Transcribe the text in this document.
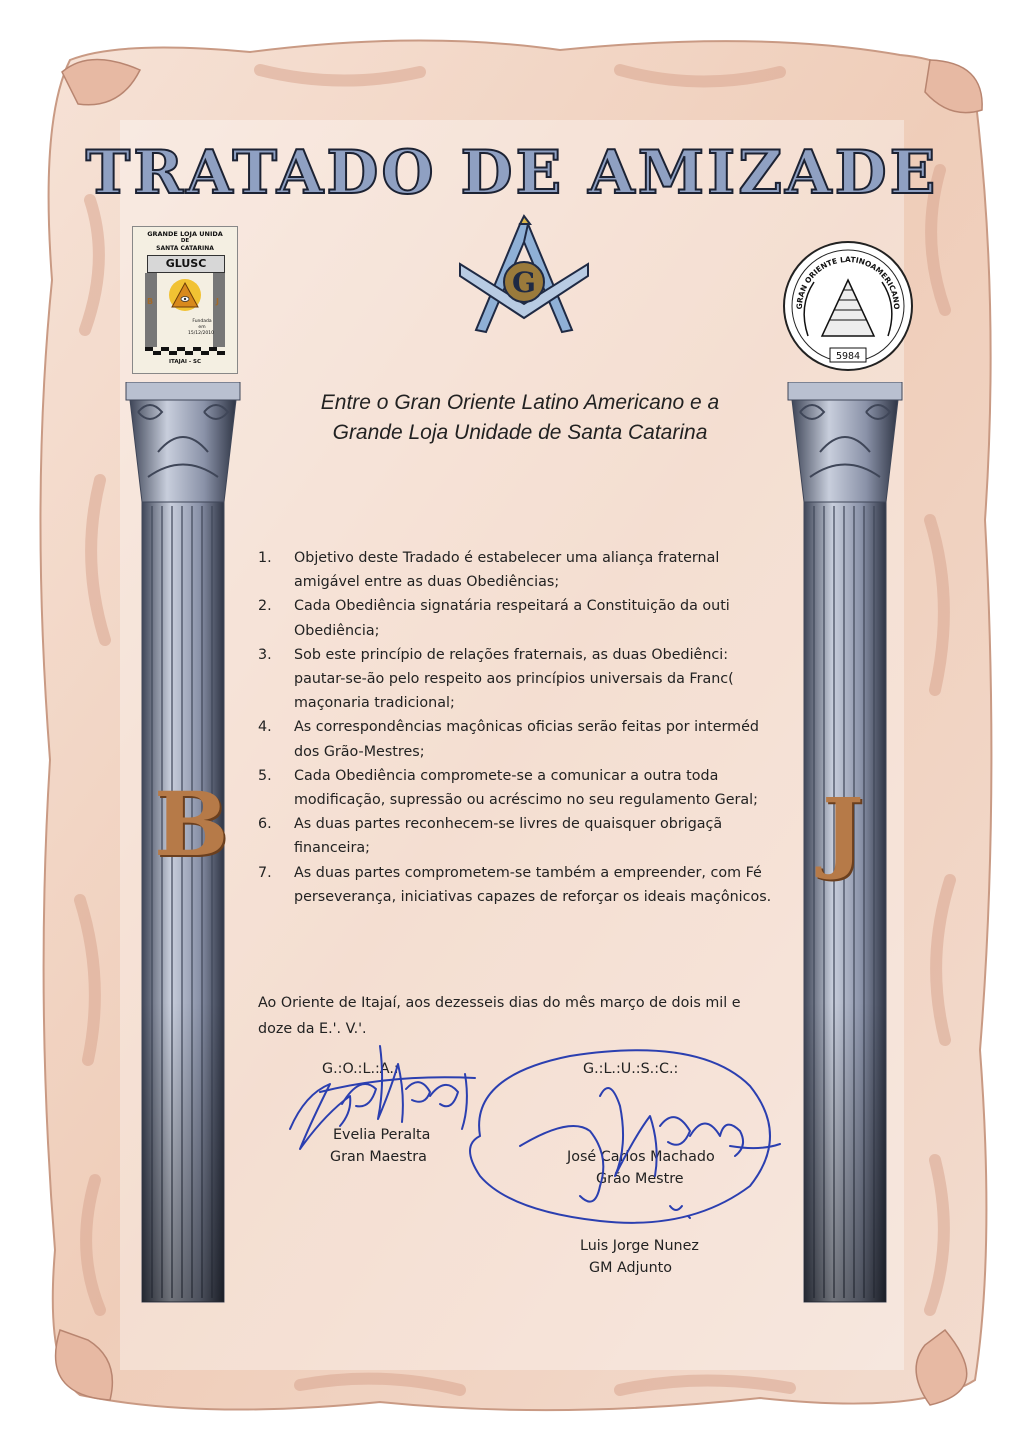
TRATADO DE AMIZADE
GRANDE LOJA UNIDA
DE
SANTA CATARINA
GLUSC
B	J
Fundada
em
15/12/2010
ITAJAI - SC
G
GRAN ORIENTE LATINOAMERICANO
5984
B	J
Entre o Gran Oriente Latino Americano e a
Grande Loja Unidade de Santa Catarina
1.	Objetivo deste Tradado é estabelecer uma aliança fraternal
amigável entre as duas Obediências;
2.	Cada Obediência signatária respeitará a Constituição da outi
Obediência;
3.	Sob este princípio de relações fraternais, as duas Obediênci:
pautar-se-ão pelo respeito aos princípios universais da Franc(
maçonaria tradicional;
4.	As correspondências maçônicas oficias serão feitas por interméd
dos Grão-Mestres;
5.	Cada Obediência compromete-se a comunicar a outra toda
modificação, supressão ou acréscimo no seu regulamento Geral;
6.	As duas partes reconhecem-se livres de quaisquer obrigaçã
financeira;
7.	As duas partes comprometem-se também a empreender, com Fé
perseverança, iniciativas capazes de reforçar os ideais maçônicos.
Ao Oriente de Itajaí, aos dezesseis dias do mês março de dois mil e
doze da E.'. V.'.
G.:O.:L.:A.:
Evelia Peralta
Gran Maestra
G.:L.:U.:S.:C.:
José Carlos Machado
Grão Mestre
Luis Jorge Nunez
GM Adjunto
